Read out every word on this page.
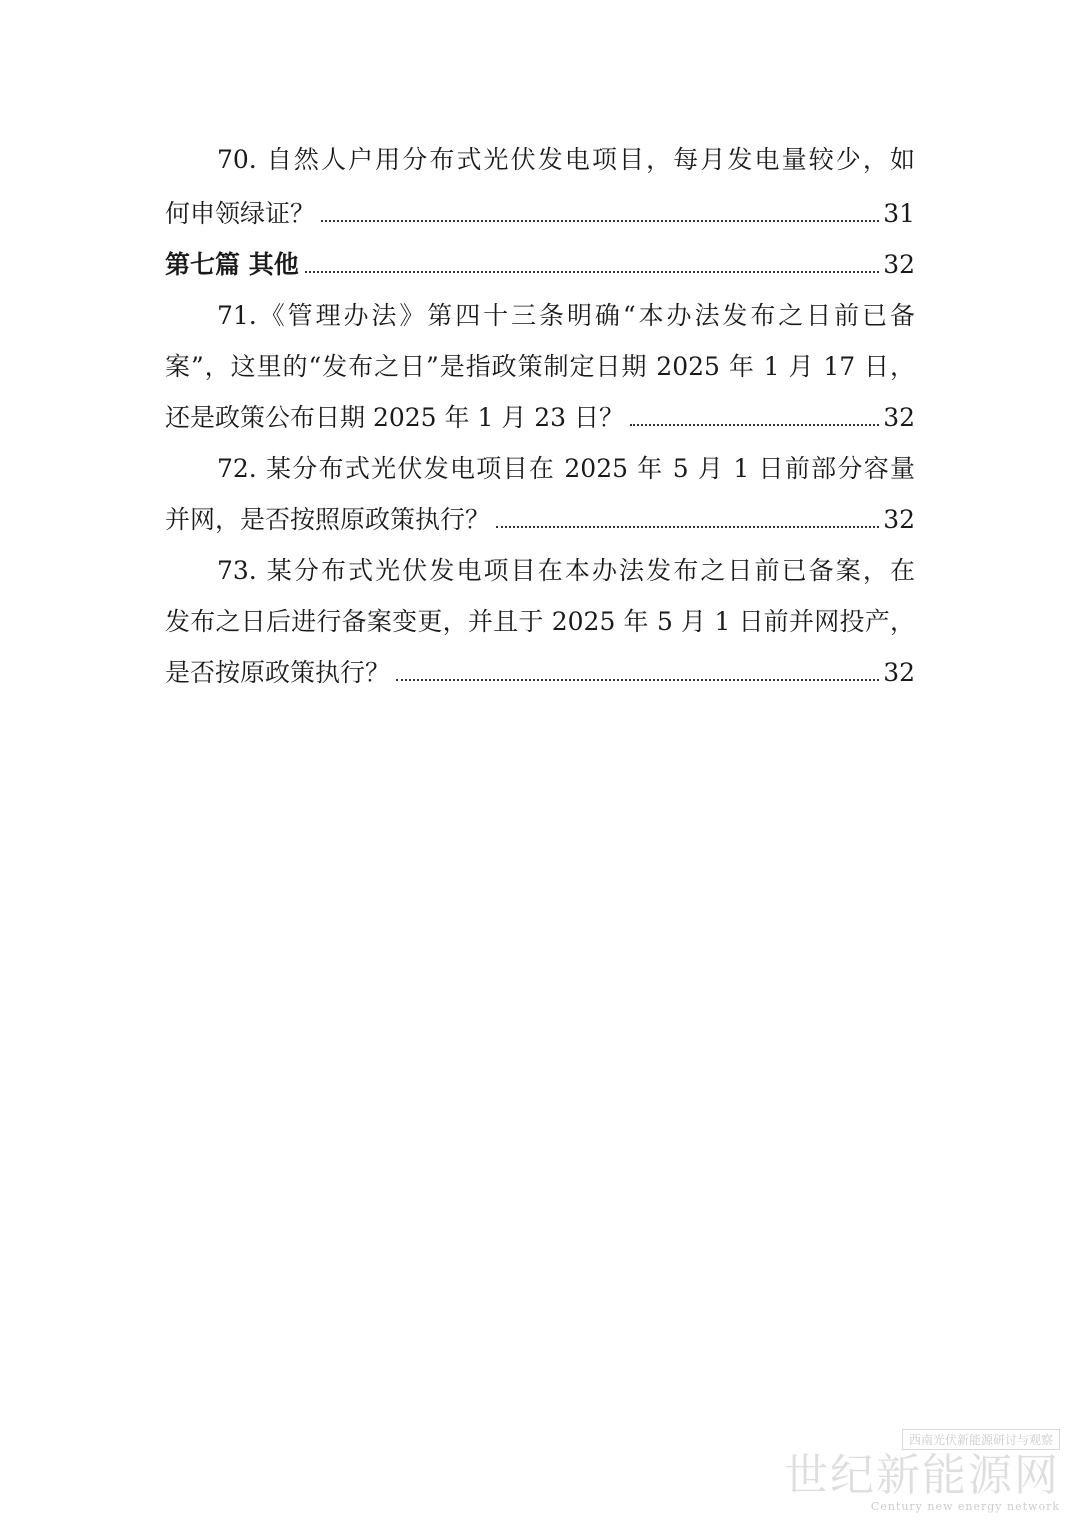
70. 自然人户用分布式光伏发电项目，每月发电量较少，如
何申领绿证？	31
第七篇 其他	32
71.《管理办法》第四十三条明确“本办法发布之日前已备
案”，这里的“发布之日”是指政策制定日期 2025 年 1 月 17 日，
还是政策公布日期 2025 年 1 月 23 日？	32
72. 某分布式光伏发电项目在 2025 年 5 月 1 日前部分容量
并网，是否按照原政策执行？	32
73. 某分布式光伏发电项目在本办法发布之日前已备案，在
发布之日后进行备案变更，并且于 2025 年 5 月 1 日前并网投产，
是否按原政策执行？	32
西南光伏新能源研讨与观察
世纪新能源网
Century new energy network
